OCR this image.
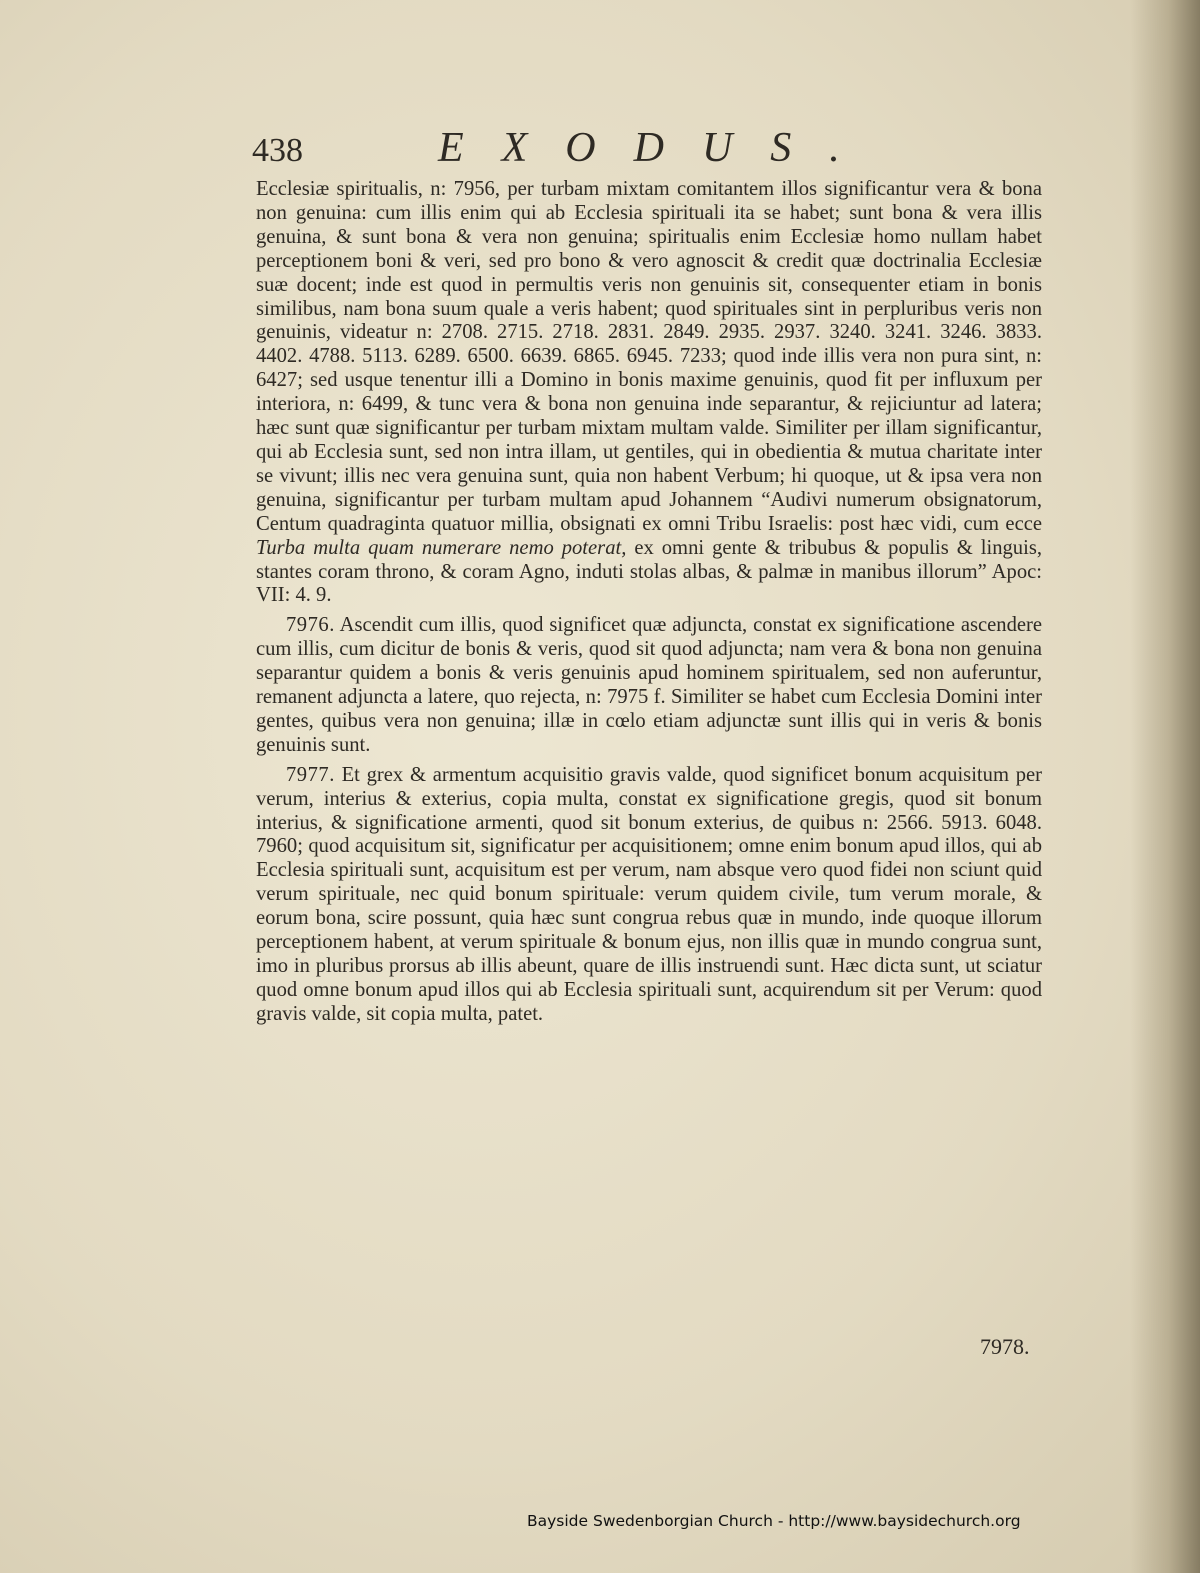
438	EXODUS.

Ecclesiæ spiritualis, n: 7956, per turbam mixtam comitantem illos significantur vera & bona non genuina: cum illis enim qui ab Ecclesia spirituali ita se habet; sunt bona & vera illis genuina, & sunt bona & vera non genuina; spiritualis enim Ecclesiæ homo nullam habet perceptionem boni & veri, sed pro bono & vero agnoscit & credit quæ doctrinalia Ecclesiæ suæ docent; inde est quod in permultis veris non genuinis sit, consequenter etiam in bonis similibus, nam bona suum quale a veris habent; quod spirituales sint in perpluribus veris non genuinis, videatur n: 2708. 2715. 2718. 2831. 2849. 2935. 2937. 3240. 3241. 3246. 3833. 4402. 4788. 5113. 6289. 6500. 6639. 6865. 6945. 7233; quod inde illis vera non pura sint, n: 6427; sed usque tenentur illi a Domino in bonis maxime genuinis, quod fit per influxum per interiora, n: 6499, & tunc vera & bona non genuina inde separantur, & rejiciuntur ad latera; hæc sunt quæ significantur per turbam mixtam multam valde. Similiter per illam significantur, qui ab Ecclesia sunt, sed non intra illam, ut gentiles, qui in obedientia & mutua charitate inter se vivunt; illis nec vera genuina sunt, quia non habent Verbum; hi quoque, ut & ipsa vera non genuina, significantur per turbam multam apud Johannem “Audivi numerum obsignatorum, Centum quadraginta quatuor millia, obsignati ex omni Tribu Israelis: post hæc vidi, cum ecce Turba multa quam numerare nemo poterat, ex omni gente & tribubus & populis & linguis, stantes coram throno, & coram Agno, induti stolas albas, & palmæ in manibus illorum” Apoc: VII: 4. 9.

7976. Ascendit cum illis, quod significet quæ adjuncta, constat ex significatione ascendere cum illis, cum dicitur de bonis & veris, quod sit quod adjuncta; nam vera & bona non genuina separantur quidem a bonis & veris genuinis apud hominem spiritualem, sed non auferuntur, remanent adjuncta a latere, quo rejecta, n: 7975 f. Similiter se habet cum Ecclesia Domini inter gentes, quibus vera non genuina; illæ in cœlo etiam adjunctæ sunt illis qui in veris & bonis genuinis sunt.

7977. Et grex & armentum acquisitio gravis valde, quod significet bonum acquisitum per verum, interius & exterius, copia multa, constat ex significatione gregis, quod sit bonum interius, & significatione armenti, quod sit bonum exterius, de quibus n: 2566. 5913. 6048. 7960; quod acquisitum sit, significatur per acquisitionem; omne enim bonum apud illos, qui ab Ecclesia spirituali sunt, acquisitum est per verum, nam absque vero quod fidei non sciunt quid verum spirituale, nec quid bonum spirituale: verum quidem civile, tum verum morale, & eorum bona, scire possunt, quia hæc sunt congrua rebus quæ in mundo, inde quoque illorum perceptionem habent, at verum spirituale & bonum ejus, non illis quæ in mundo congrua sunt, imo in pluribus prorsus ab illis abeunt, quare de illis instruendi sunt. Hæc dicta sunt, ut sciatur quod omne bonum apud illos qui ab Ecclesia spirituali sunt, acquirendum sit per Verum: quod gravis valde, sit copia multa, patet.

7978.
Bayside Swedenborgian Church - http://www.baysidechurch.org
